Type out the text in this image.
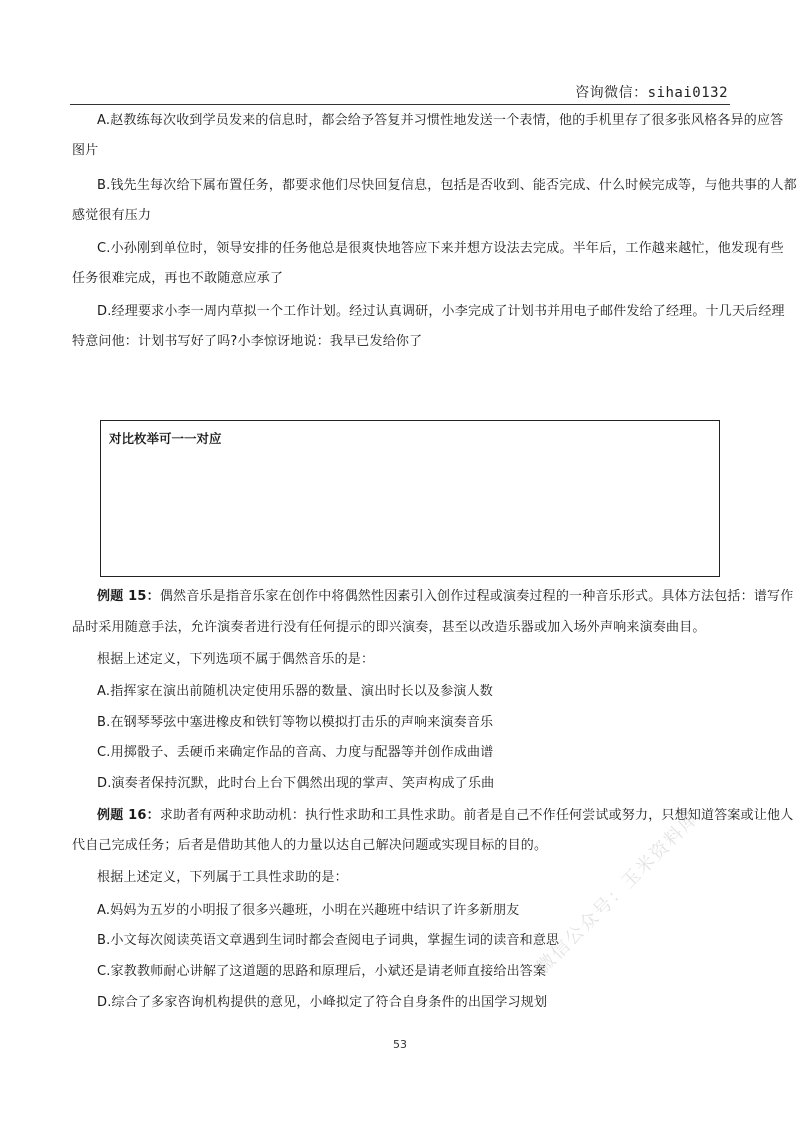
咨询微信：sihai0132

A.赵教练每次收到学员发来的信息时，都会给予答复并习惯性地发送一个表情，他的手机里存了很多张风格各异的应答

图片

B.钱先生每次给下属布置任务，都要求他们尽快回复信息，包括是否收到、能否完成、什么时候完成等，与他共事的人都

感觉很有压力

C.小孙刚到单位时，领导安排的任务他总是很爽快地答应下来并想方设法去完成。半年后，工作越来越忙，他发现有些

任务很难完成，再也不敢随意应承了

D.经理要求小李一周内草拟一个工作计划。经过认真调研，小李完成了计划书并用电子邮件发给了经理。十几天后经理

特意问他：计划书写好了吗?小李惊讶地说：我早已发给你了

对比枚举可一一对应

例题 15：偶然音乐是指音乐家在创作中将偶然性因素引入创作过程或演奏过程的一种音乐形式。具体方法包括：谱写作

品时采用随意手法，允许演奏者进行没有任何提示的即兴演奏，甚至以改造乐器或加入场外声响来演奏曲目。

根据上述定义，下列选项不属于偶然音乐的是：

A.指挥家在演出前随机决定使用乐器的数量、演出时长以及参演人数

B.在钢琴琴弦中塞进橡皮和铁钉等物以模拟打击乐的声响来演奏音乐

C.用掷骰子、丢硬币来确定作品的音高、力度与配器等并创作成曲谱

D.演奏者保持沉默，此时台上台下偶然出现的掌声、笑声构成了乐曲

例题 16：求助者有两种求助动机：执行性求助和工具性求助。前者是自己不作任何尝试或努力，只想知道答案或让他人

代自己完成任务；后者是借助其他人的力量以达自己解决问题或实现目标的目的。

根据上述定义，下列属于工具性求助的是：

A.妈妈为五岁的小明报了很多兴趣班，小明在兴趣班中结识了许多新朋友

B.小文每次阅读英语文章遇到生词时都会查阅电子词典，掌握生词的读音和意思

C.家教教师耐心讲解了这道题的思路和原理后，小斌还是请老师直接给出答案

D.综合了多家咨询机构提供的意见，小峰拟定了符合自身条件的出国学习规划

53
微信公众号：玉米资料库
